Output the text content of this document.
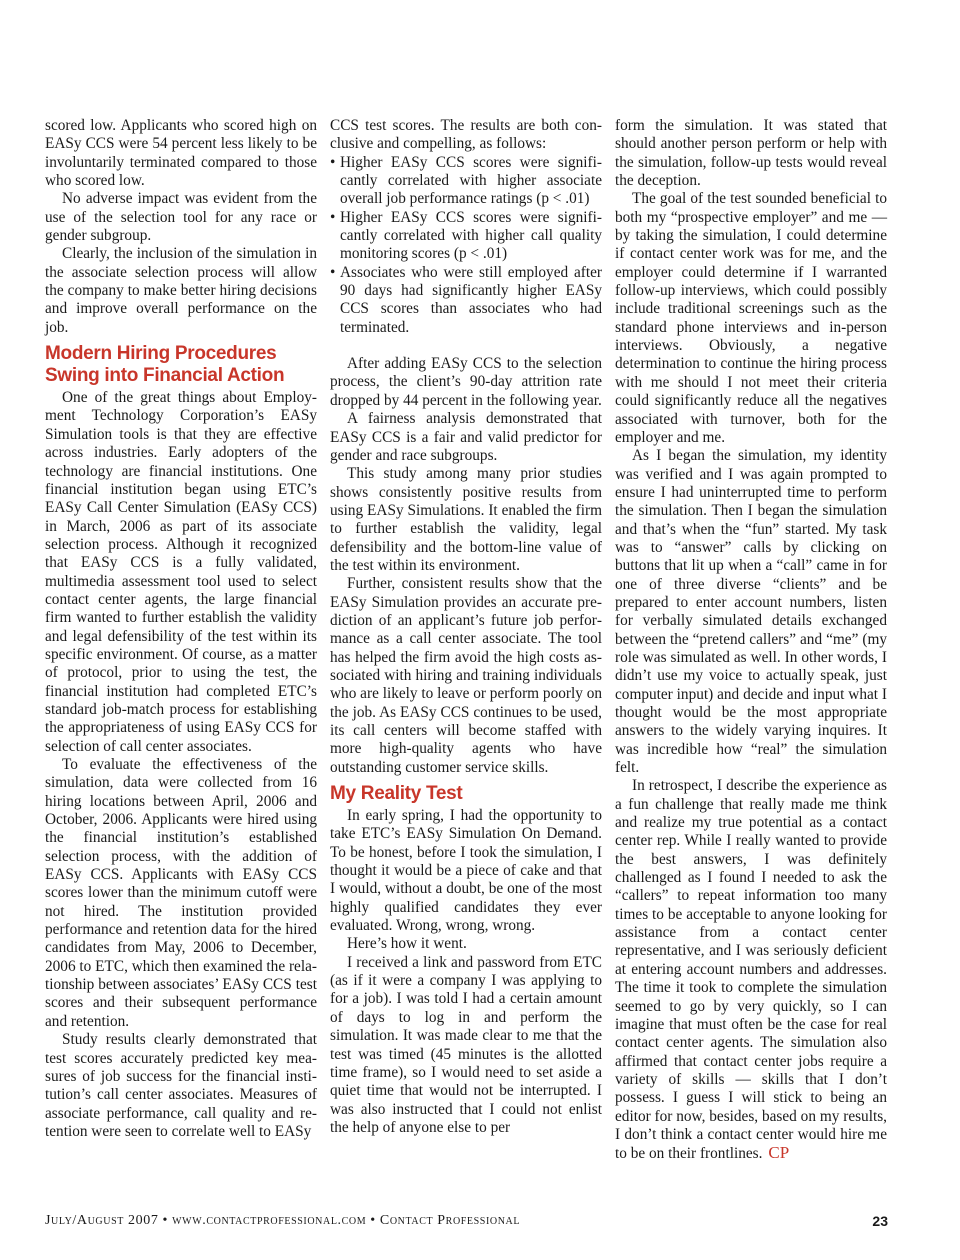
scored low. Applicants who scored high on EASy CCS were 54 percent less likely to be involuntarily terminated compared to those who scored low.

No adverse impact was evident from the use of the selection tool for any race or gender subgroup.

Clearly, the inclusion of the simulation in the associate selection process will allow the company to make better hiring decisions and improve overall performance on the job.

Modern Hiring Procedures
Swing into Financial Action

One of the great things about Employment Technology Corporation’s EASy Simulation tools is that they are effective across industries. Early adopters of the technology are financial institutions. One financial institution began using ETC’s EASy Call Center Simulation (EASy CCS) in March, 2006 as part of its associate selection process. Although it recognized that EASy CCS is a fully validated, multimedia assessment tool used to select contact center agents, the large financial firm wanted to further establish the validity and legal defensibility of the test within its specific environment. Of course, as a matter of protocol, prior to using the test, the financial institution had completed ETC’s standard job-match process for establishing the appropriateness of using EASy CCS for selection of call center associates.

To evaluate the effectiveness of the simulation, data were collected from 16 hiring locations between April, 2006 and October, 2006. Applicants were hired using the financial institution’s established selection process, with the addition of EASy CCS. Applicants with EASy CCS scores lower than the minimum cutoff were not hired. The institution provided performance and retention data for the hired candidates from May, 2006 to December, 2006 to ETC, which then examined the relationship between associates’ EASy CCS test scores and their subsequent performance and retention.

Study results clearly demonstrated that test scores accurately predicted key measures of job success for the financial institution’s call center associates. Measures of associate performance, call quality and retention were seen to correlate well to EASy

CCS test scores. The results are both conclusive and compelling, as follows:

• Higher EASy CCS scores were significantly correlated with higher associate overall job performance ratings (p < .01)
• Higher EASy CCS scores were significantly correlated with higher call quality monitoring scores (p < .01)
• Associates who were still employed after 90 days had significantly higher EASy CCS scores than associates who had terminated.

After adding EASy CCS to the selection process, the client’s 90-day attrition rate dropped by 44 percent in the following year.

A fairness analysis demonstrated that EASy CCS is a fair and valid predictor for gender and race subgroups.

This study among many prior studies shows consistently positive results from using EASy Simulations. It enabled the firm to further establish the validity, legal defensibility and the bottom-line value of the test within its environment.

Further, consistent results show that the EASy Simulation provides an accurate prediction of an applicant’s future job performance as a call center associate. The tool has helped the firm avoid the high costs associated with hiring and training individuals who are likely to leave or perform poorly on the job. As EASy CCS continues to be used, its call centers will become staffed with more high-quality agents who have outstanding customer service skills.

My Reality Test

In early spring, I had the opportunity to take ETC’s EASy Simulation On Demand. To be honest, before I took the simulation, I thought it would be a piece of cake and that I would, without a doubt, be one of the most highly qualified candidates they ever evaluated. Wrong, wrong, wrong.

Here’s how it went.

I received a link and password from ETC (as if it were a company I was applying to for a job). I was told I had a certain amount of days to log in and perform the simulation. It was made clear to me that the test was timed (45 minutes is the allotted time frame), so I would need to set aside a quiet time that would not be interrupted. I was also instructed that I could not enlist the help of anyone else to per

form the simulation. It was stated that should another person perform or help with the simulation, follow-up tests would reveal the deception.

The goal of the test sounded beneficial to both my “prospective employer” and me — by taking the simulation, I could determine if contact center work was for me, and the employer could determine if I warranted follow-up interviews, which could possibly include traditional screenings such as the standard phone interviews and in-person interviews. Obviously, a negative determination to continue the hiring process with me should I not meet their criteria could significantly reduce all the negatives associated with turnover, both for the employer and me.

As I began the simulation, my identity was verified and I was again prompted to ensure I had uninterrupted time to perform the simulation. Then I began the simulation and that’s when the “fun” started. My task was to “answer” calls by clicking on buttons that lit up when a “call” came in for one of three diverse “clients” and be prepared to enter account numbers, listen for verbally simulated details exchanged between the “pretend callers” and “me” (my role was simulated as well. In other words, I didn’t use my voice to actually speak, just computer input) and decide and input what I thought would be the most appropriate answers to the widely varying inquires. It was incredible how “real” the simulation felt.

In retrospect, I describe the experience as a fun challenge that really made me think and realize my true potential as a contact center rep. While I really wanted to provide the best answers, I was definitely challenged as I found I needed to ask the “callers” to repeat information too many times to be acceptable to anyone looking for assistance from a contact center representative, and I was seriously deficient at entering account numbers and addresses. The time it took to complete the simulation seemed to go by very quickly, so I can imagine that must often be the case for real contact center agents. The simulation also affirmed that contact center jobs require a variety of skills — skills that I don’t possess. I guess I will stick to being an editor for now, besides, based on my results, I don’t think a contact center would hire me to be on their frontlines. CP

July/August 2007 • www.contactprofessional.com • Contact Professional	23
